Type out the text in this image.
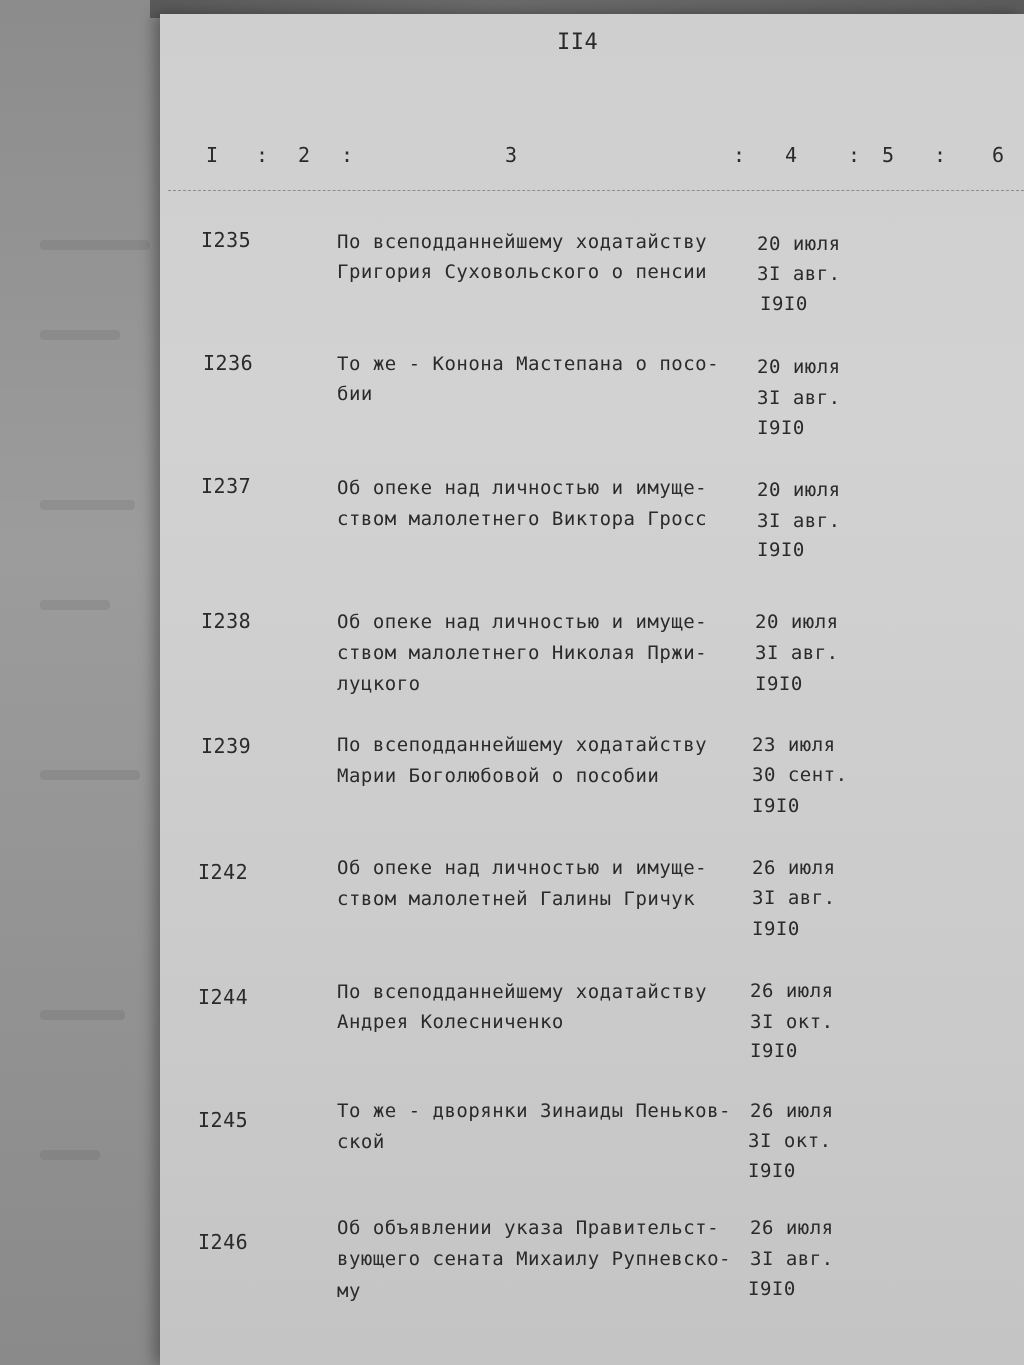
II4
I : 2 :	3	: 4	: 5 : 6
I235	По всеподданнейшему ходатайству
Григория Суховольского о пенсии
20 июля
3I авг.
I9I0
I236	То же - Конона Мастепана о посо-
бии
20 июля
3I авг.
I9I0
I237	Об опеке над личностью и имуще-
ством малолетнего Виктора Гросс
20 июля
3I авг.
I9I0
I238	Об опеке над личностью и имуще-
ством малолетнего Николая Пржи-
луцкого
20 июля
3I авг.
I9I0
I239	По всеподданнейшему ходатайству
Марии Боголюбовой о пособии
23 июля
30 сент.
I9I0
I242	Об опеке над личностью и имуще-
ством малолетней Галины Гричук
26 июля
3I авг.
I9I0
I244	По всеподданнейшему ходатайству
Андрея Колесниченко
26 июля
3I окт.
I9I0
I245	То же - дворянки Зинаиды Пеньков-
ской
26 июля
3I окт.
I9I0
I246
Об объявлении указа Правительст-
вующего сената Михаилу Рупневско-
му
26 июля
3I авг.
I9I0
